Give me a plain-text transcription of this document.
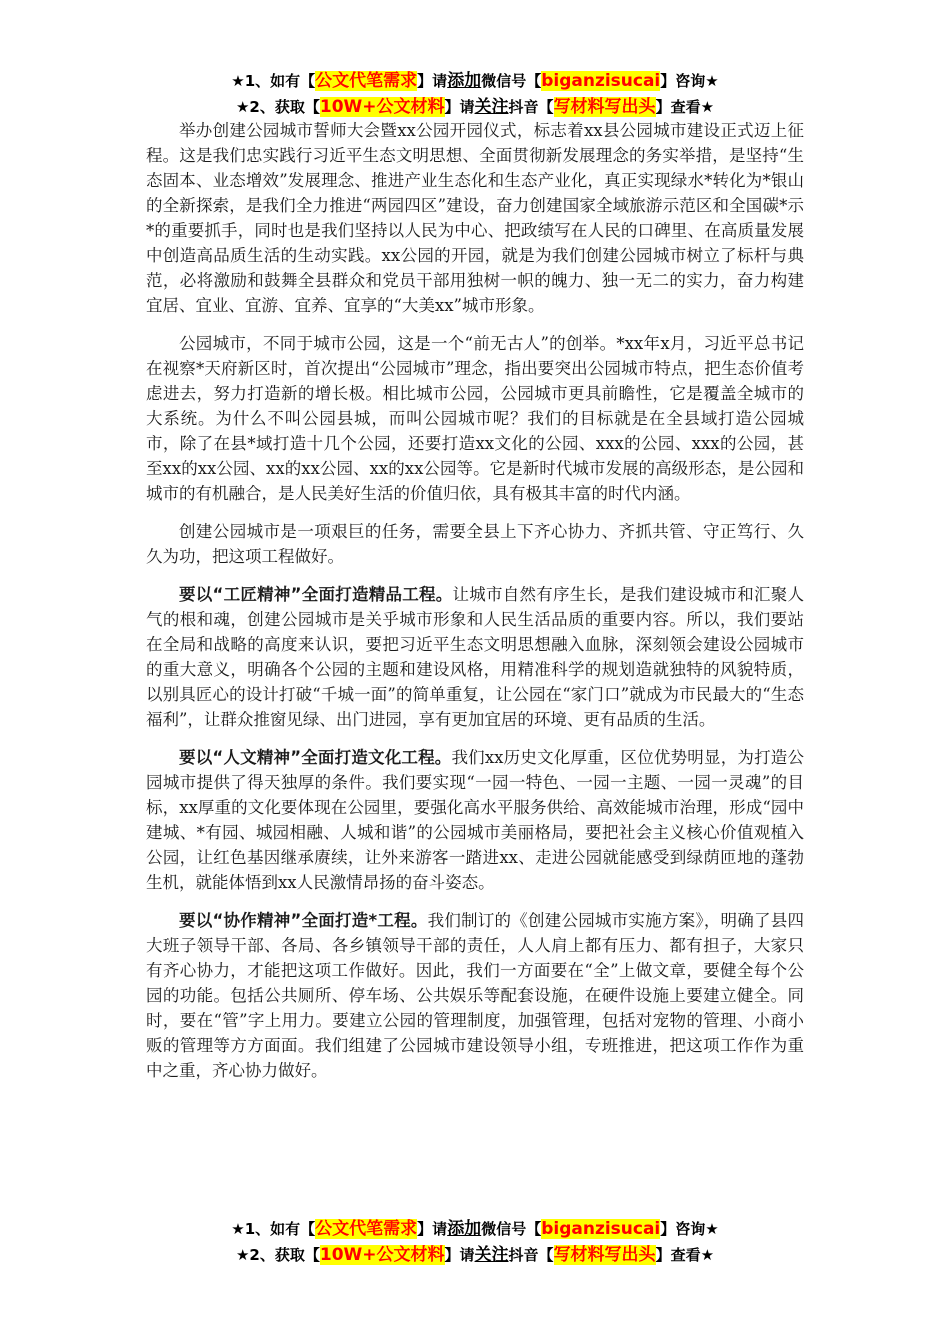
★1、如有【公文代笔需求】请添加微信号【biganzisucai】咨询★
★2、获取【10W+公文材料】请关注抖音【写材料写出头】查看★

举办创建公园城市誓师大会暨xx公园开园仪式，标志着xx县公园城市建设正式迈上征程。这是我们忠实践行习近平生态文明思想、全面贯彻新发展理念的务实举措，是坚持“生态固本、业态增效”发展理念、推进产业生态化和生态产业化，真正实现绿水*转化为*银山的全新探索，是我们全力推进“两园四区”建设，奋力创建国家全域旅游示范区和全国碳*示*的重要抓手，同时也是我们坚持以人民为中心、把政绩写在人民的口碑里、在高质量发展中创造高品质生活的生动实践。xx公园的开园，就是为我们创建公园城市树立了标杆与典范，必将激励和鼓舞全县群众和党员干部用独树一帜的魄力、独一无二的实力，奋力构建宜居、宜业、宜游、宜养、宜享的“大美xx”城市形象。

公园城市，不同于城市公园，这是一个“前无古人”的创举。*xx年x月，习近平总书记在视察*天府新区时，首次提出“公园城市”理念，指出要突出公园城市特点，把生态价值考虑进去，努力打造新的增长极。相比城市公园，公园城市更具前瞻性，它是覆盖全城市的大系统。为什么不叫公园县城，而叫公园城市呢？我们的目标就是在全县域打造公园城市，除了在县*域打造十几个公园，还要打造xx文化的公园、xxx的公园、xxx的公园，甚至xx的xx公园、xx的xx公园、xx的xx公园等。它是新时代城市发展的高级形态，是公园和城市的有机融合，是人民美好生活的价值归依，具有极其丰富的时代内涵。

创建公园城市是一项艰巨的任务，需要全县上下齐心协力、齐抓共管、守正笃行、久久为功，把这项工程做好。

要以“工匠精神”全面打造精品工程。让城市自然有序生长，是我们建设城市和汇聚人气的根和魂，创建公园城市是关乎城市形象和人民生活品质的重要内容。所以，我们要站在全局和战略的高度来认识，要把习近平生态文明思想融入血脉，深刻领会建设公园城市的重大意义，明确各个公园的主题和建设风格，用精准科学的规划造就独特的风貌特质，以别具匠心的设计打破“千城一面”的简单重复，让公园在“家门口”就成为市民最大的“生态福利”，让群众推窗见绿、出门进园，享有更加宜居的环境、更有品质的生活。

要以“人文精神”全面打造文化工程。我们xx历史文化厚重，区位优势明显，为打造公园城市提供了得天独厚的条件。我们要实现“一园一特色、一园一主题、一园一灵魂”的目标，xx厚重的文化要体现在公园里，要强化高水平服务供给、高效能城市治理，形成“园中建城、*有园、城园相融、人城和谐”的公园城市美丽格局，要把社会主义核心价值观植入公园，让红色基因继承赓续，让外来游客一踏进xx、走进公园就能感受到绿荫匝地的蓬勃生机，就能体悟到xx人民激情昂扬的奋斗姿态。

要以“协作精神”全面打造*工程。我们制订的《创建公园城市实施方案》，明确了县四大班子领导干部、各局、各乡镇领导干部的责任，人人肩上都有压力、都有担子，大家只有齐心协力，才能把这项工作做好。因此，我们一方面要在“全”上做文章，要健全每个公园的功能。包括公共厕所、停车场、公共娱乐等配套设施，在硬件设施上要建立健全。同时，要在“管”字上用力。要建立公园的管理制度，加强管理，包括对宠物的管理、小商小贩的管理等方方面面。我们组建了公园城市建设领导小组，专班推进，把这项工作作为重中之重，齐心协力做好。

★1、如有【公文代笔需求】请添加微信号【biganzisucai】咨询★
★2、获取【10W+公文材料】请关注抖音【写材料写出头】查看★
